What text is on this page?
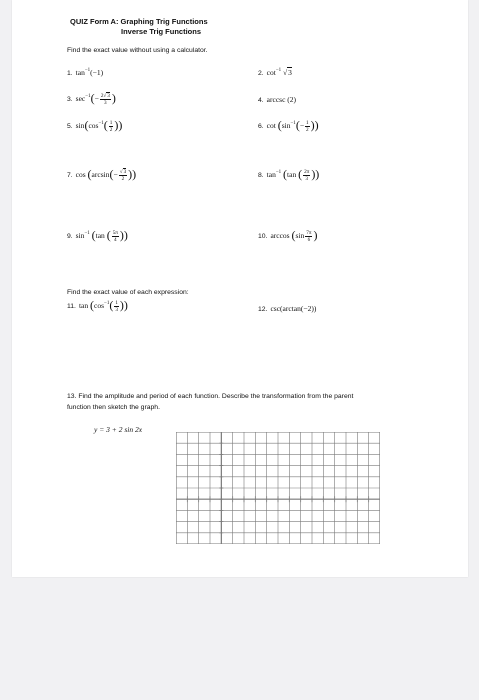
QUIZ Form A: Graphing Trig Functions
Inverse Trig Functions
Find the exact value without using a calculator.
1. $\tan^{-1}(-1)$	2. $\cot^{-1} √3$
3. $\sec^{-1}(- \frac{2√3}{3}$ )	4. arccsc (2)
5. $\sin(\cos^{-1}( \frac{1}{2}$ ))	6. $\cot (\sin^{-1}(- \frac{1}{2}$ ))
7. $\cos (\arcsin(- \frac{√3}{2}$ ))	8. $\tan^{-1} (\tan$ ( $\frac{2\pi}{3}$ ))
9. $\sin^{-1} (\tan$ ( $\frac{5\pi}{4}$ ))	10. $\arccos (\sin \frac{7\pi}{6}$ )
Find the exact value of each expression:
11. $\tan (\cos^{-1}( \frac{1}{3}$ ))	12. csc(arctan(−2))
13. Find the amplitude and period of each function. Describe the transformation from the parent
function then sketch the graph.
y = 3 + 2 sin 2x
